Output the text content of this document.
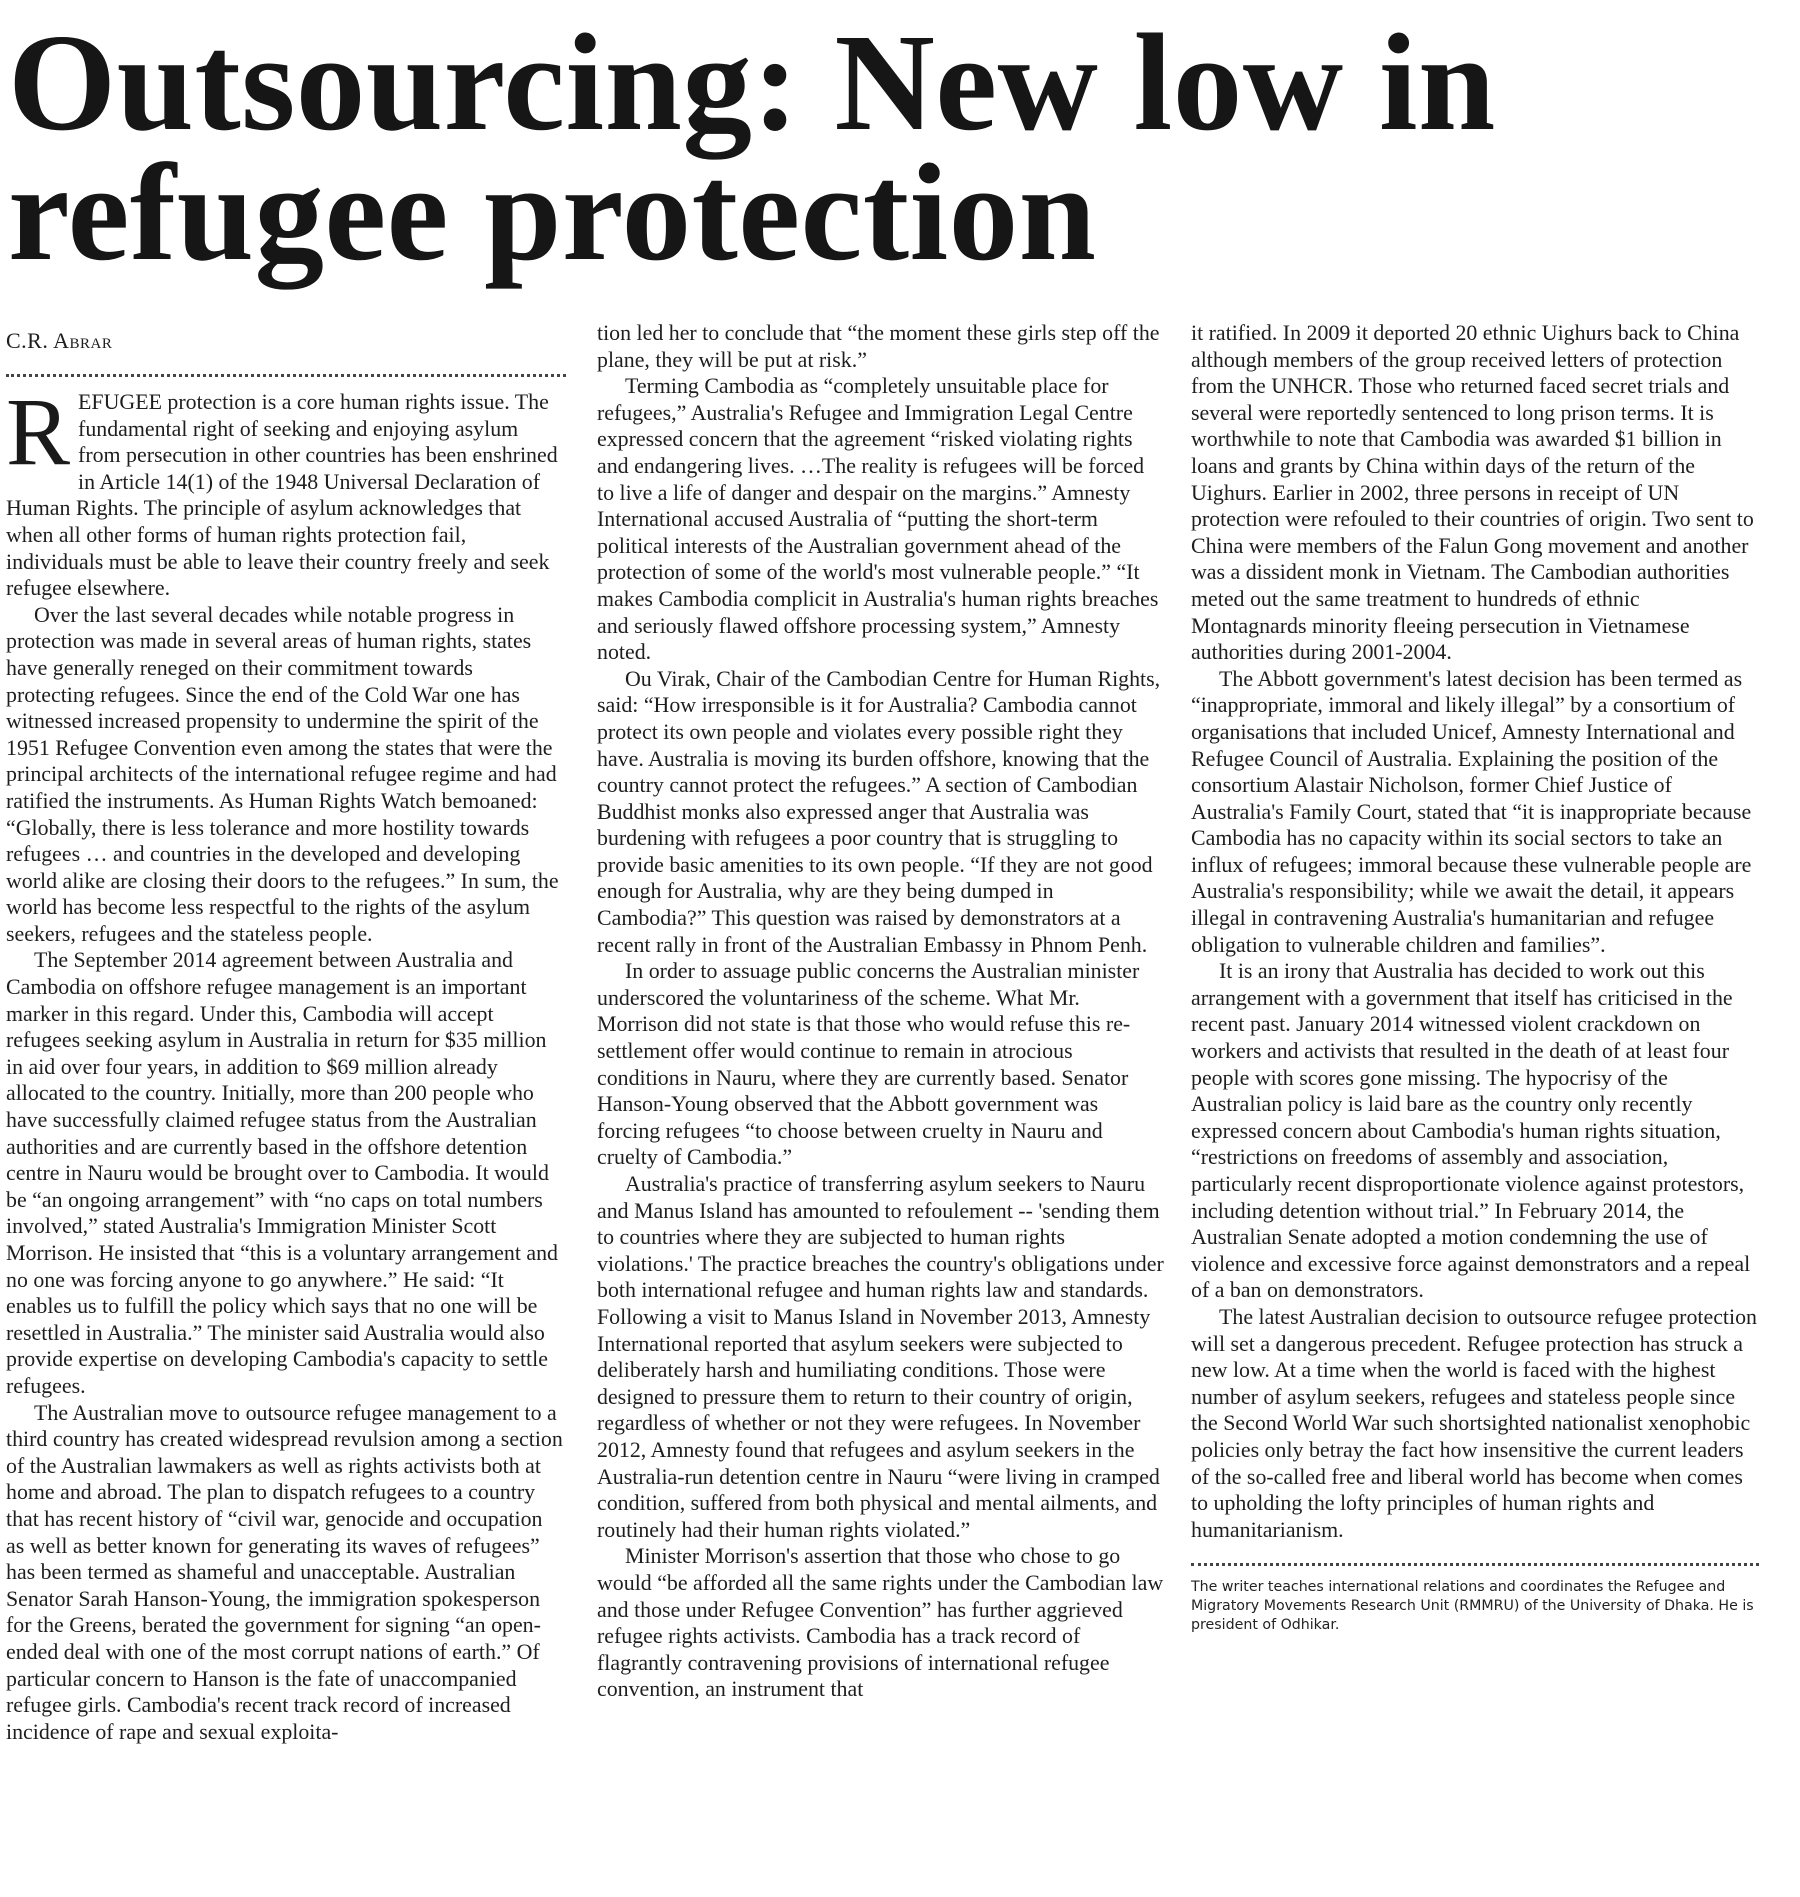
Outsourcing: New low in refugee protection
C.R. Abrar

REFUGEE protection is a core human rights issue. The fundamental right of seeking and enjoying asylum from persecution in other countries has been enshrined in Article 14(1) of the 1948 Universal Declaration of Human Rights. The principle of asylum acknowledges that when all other forms of human rights protection fail, individuals must be able to leave their country freely and seek refugee elsewhere.

Over the last several decades while notable progress in protection was made in several areas of human rights, states have generally reneged on their commitment towards protecting refugees. Since the end of the Cold War one has witnessed increased propensity to undermine the spirit of the 1951 Refugee Convention even among the states that were the principal architects of the international refugee regime and had ratified the instruments. As Human Rights Watch bemoaned: “Globally, there is less tolerance and more hostility towards refugees … and countries in the developed and developing world alike are closing their doors to the refugees.” In sum, the world has become less respectful to the rights of the asylum seekers, refugees and the stateless people.

The September 2014 agreement between Australia and Cambodia on offshore refugee management is an important marker in this regard. Under this, Cambodia will accept refugees seeking asylum in Australia in return for $35 million in aid over four years, in addition to $69 million already allocated to the country. Initially, more than 200 people who have successfully claimed refugee status from the Australian authorities and are currently based in the offshore detention centre in Nauru would be brought over to Cambodia. It would be “an ongoing arrangement” with “no caps on total numbers involved,” stated Australia's Immigration Minister Scott Morrison. He insisted that “this is a voluntary arrangement and no one was forcing anyone to go anywhere.” He said: “It enables us to fulfill the policy which says that no one will be resettled in Australia.” The minister said Australia would also provide expertise on developing Cambodia's capacity to settle refugees.

The Australian move to outsource refugee management to a third country has created widespread revulsion among a section of the Australian lawmakers as well as rights activists both at home and abroad. The plan to dispatch refugees to a country that has recent history of “civil war, genocide and occupation as well as better known for generating its waves of refugees” has been termed as shameful and unacceptable. Australian Senator Sarah Hanson-Young, the immigration spokesperson for the Greens, berated the government for signing “an open-ended deal with one of the most corrupt nations of earth.” Of particular concern to Hanson is the fate of unaccompanied refugee girls. Cambodia's recent track record of increased incidence of rape and sexual exploita-

tion led her to conclude that “the moment these girls step off the plane, they will be put at risk.”

Terming Cambodia as “completely unsuitable place for refugees,” Australia's Refugee and Immigration Legal Centre expressed concern that the agreement “risked violating rights and endangering lives. …The reality is refugees will be forced to live a life of danger and despair on the margins.” Amnesty International accused Australia of “putting the short-term political interests of the Australian government ahead of the protection of some of the world's most vulnerable people.” “It makes Cambodia complicit in Australia's human rights breaches and seriously flawed offshore processing system,” Amnesty noted.

Ou Virak, Chair of the Cambodian Centre for Human Rights, said: “How irresponsible is it for Australia? Cambodia cannot protect its own people and violates every possible right they have. Australia is moving its burden offshore, knowing that the country cannot protect the refugees.” A section of Cambodian Buddhist monks also expressed anger that Australia was burdening with refugees a poor country that is struggling to provide basic amenities to its own people. “If they are not good enough for Australia, why are they being dumped in Cambodia?” This question was raised by demonstrators at a recent rally in front of the Australian Embassy in Phnom Penh.

In order to assuage public concerns the Australian minister underscored the voluntariness of the scheme. What Mr. Morrison did not state is that those who would refuse this re-settlement offer would continue to remain in atrocious conditions in Nauru, where they are currently based. Senator Hanson-Young observed that the Abbott government was forcing refugees “to choose between cruelty in Nauru and cruelty of Cambodia.”

Australia's practice of transferring asylum seekers to Nauru and Manus Island has amounted to refoulement -- 'sending them to countries where they are subjected to human rights violations.' The practice breaches the country's obligations under both international refugee and human rights law and standards. Following a visit to Manus Island in November 2013, Amnesty International reported that asylum seekers were subjected to deliberately harsh and humiliating conditions. Those were designed to pressure them to return to their country of origin, regardless of whether or not they were refugees. In November 2012, Amnesty found that refugees and asylum seekers in the Australia-run detention centre in Nauru “were living in cramped condition, suffered from both physical and mental ailments, and routinely had their human rights violated.”

Minister Morrison's assertion that those who chose to go would “be afforded all the same rights under the Cambodian law and those under Refugee Convention” has further aggrieved refugee rights activists. Cambodia has a track record of flagrantly contravening provisions of international refugee convention, an instrument that

it ratified. In 2009 it deported 20 ethnic Uighurs back to China although members of the group received letters of protection from the UNHCR. Those who returned faced secret trials and several were reportedly sentenced to long prison terms. It is worthwhile to note that Cambodia was awarded $1 billion in loans and grants by China within days of the return of the Uighurs. Earlier in 2002, three persons in receipt of UN protection were refouled to their countries of origin. Two sent to China were members of the Falun Gong movement and another was a dissident monk in Vietnam. The Cambodian authorities meted out the same treatment to hundreds of ethnic Montagnards minority fleeing persecution in Vietnamese authorities during 2001-2004.

The Abbott government's latest decision has been termed as “inappropriate, immoral and likely illegal” by a consortium of organisations that included Unicef, Amnesty International and Refugee Council of Australia. Explaining the position of the consortium Alastair Nicholson, former Chief Justice of Australia's Family Court, stated that “it is inappropriate because Cambodia has no capacity within its social sectors to take an influx of refugees; immoral because these vulnerable people are Australia's responsibility; while we await the detail, it appears illegal in contravening Australia's humanitarian and refugee obligation to vulnerable children and families”.

It is an irony that Australia has decided to work out this arrangement with a government that itself has criticised in the recent past. January 2014 witnessed violent crackdown on workers and activists that resulted in the death of at least four people with scores gone missing. The hypocrisy of the Australian policy is laid bare as the country only recently expressed concern about Cambodia's human rights situation, “restrictions on freedoms of assembly and association, particularly recent disproportionate violence against protestors, including detention without trial.” In February 2014, the Australian Senate adopted a motion condemning the use of violence and excessive force against demonstrators and a repeal of a ban on demonstrators.

The latest Australian decision to outsource refugee protection will set a dangerous precedent. Refugee protection has struck a new low. At a time when the world is faced with the highest number of asylum seekers, refugees and stateless people since the Second World War such shortsighted nationalist xenophobic policies only betray the fact how insensitive the current leaders of the so-called free and liberal world has become when comes to upholding the lofty principles of human rights and humanitarianism.

The writer teaches international relations and coordinates the Refugee and Migratory Movements Research Unit (RMMRU) of the University of Dhaka. He is president of Odhikar.
